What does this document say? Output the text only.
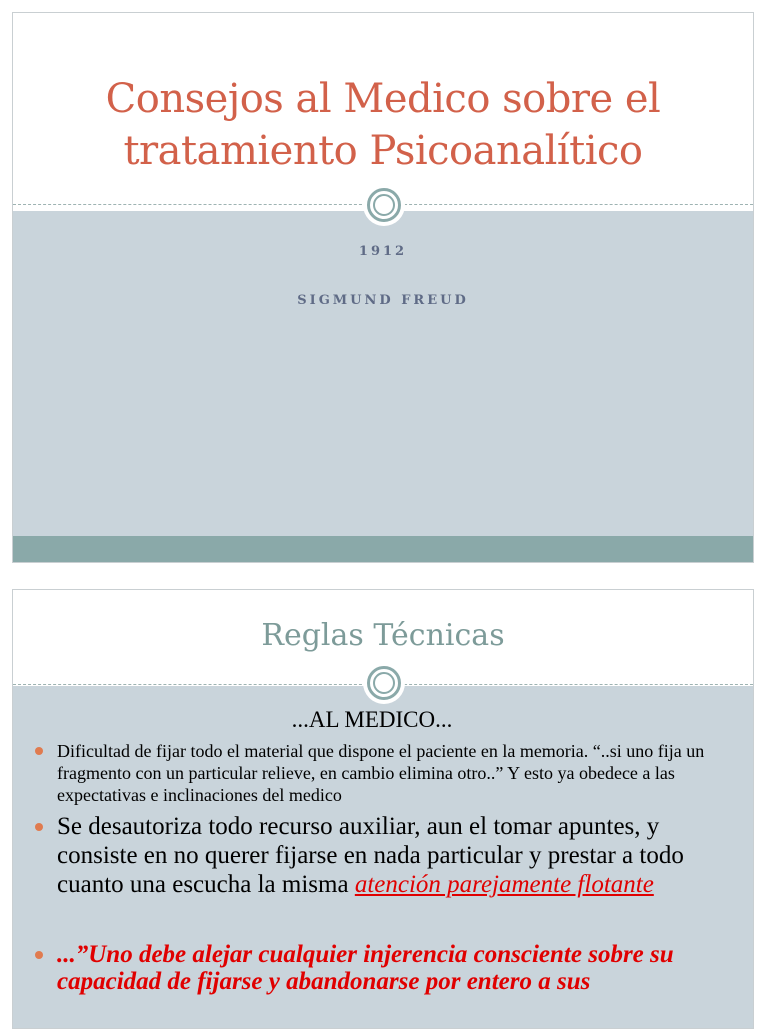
Consejos al Medico sobre el tratamiento Psicoanalítico
1912
SIGMUND FREUD
Reglas Técnicas
...AL MEDICO...
Dificultad de fijar todo el material que dispone el paciente en la memoria. “..si uno fija un fragmento con un particular relieve, en cambio elimina otro..” Y esto ya obedece a las expectativas e inclinaciones del medico
Se desautoriza todo recurso auxiliar, aun el tomar apuntes, y consiste en no querer fijarse en nada particular y prestar a todo cuanto una escucha la misma atención parejamente flotante
...”Uno debe alejar cualquier injerencia consciente sobre su capacidad de fijarse y abandonarse por entero a sus
